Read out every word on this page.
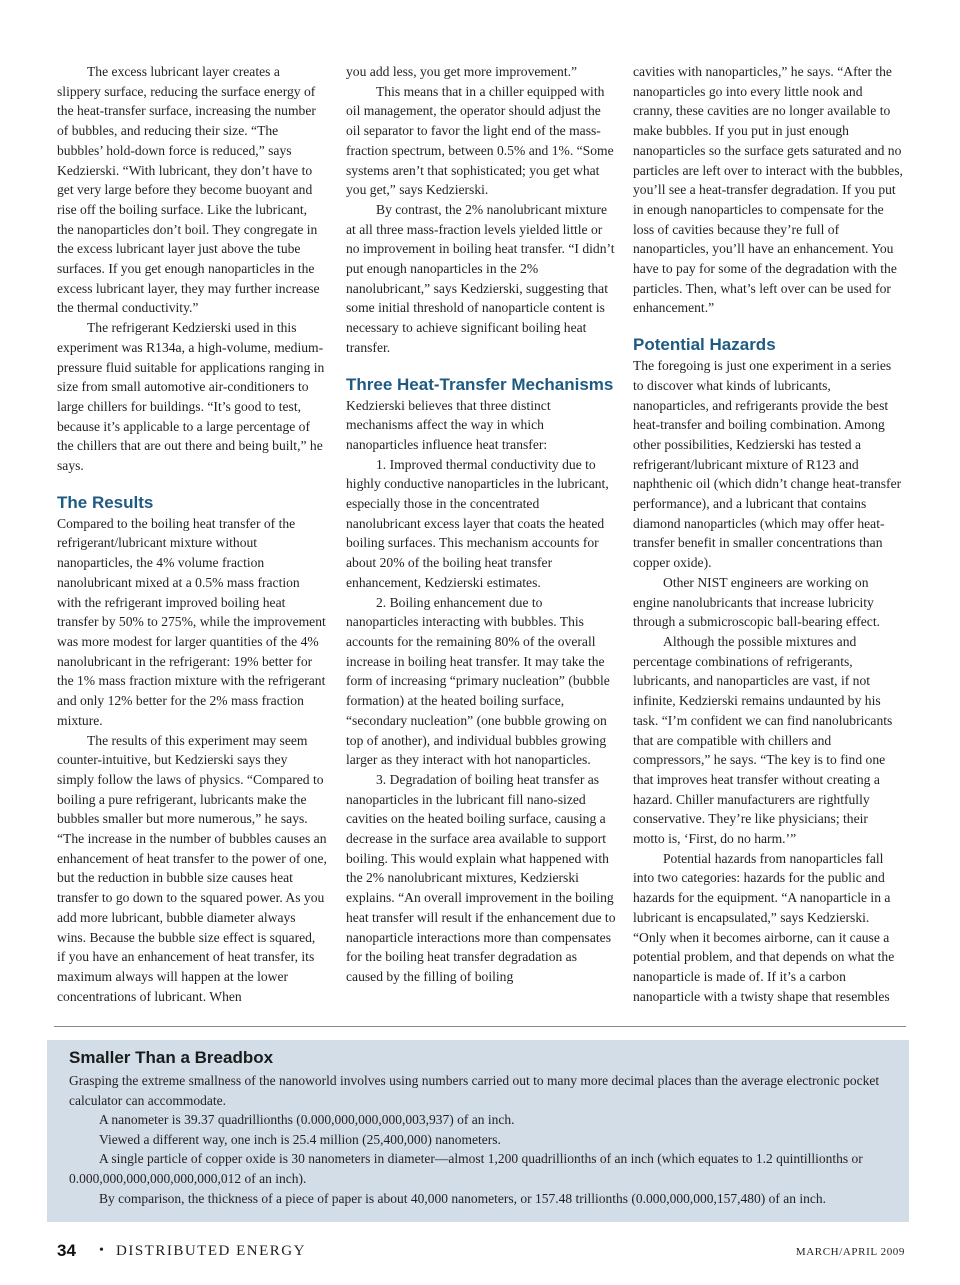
The excess lubricant layer creates a slippery surface, reducing the surface energy of the heat-transfer surface, increasing the number of bubbles, and reducing their size. “The bubbles’ hold-down force is reduced,” says Kedzierski. “With lubricant, they don’t have to get very large before they become buoyant and rise off the boiling surface. Like the lubricant, the nanoparticles don’t boil. They congregate in the excess lubricant layer just above the tube surfaces. If you get enough nanoparticles in the excess lubricant layer, they may further increase the thermal conductivity.”

The refrigerant Kedzierski used in this experiment was R134a, a high-volume, medium-pressure fluid suitable for applications ranging in size from small automotive air-conditioners to large chillers for buildings. “It’s good to test, because it’s applicable to a large percentage of the chillers that are out there and being built,” he says.

The Results

Compared to the boiling heat transfer of the refrigerant/lubricant mixture without nanoparticles, the 4% volume fraction nanolubricant mixed at a 0.5% mass fraction with the refrigerant improved boiling heat transfer by 50% to 275%, while the improvement was more modest for larger quantities of the 4% nanolubricant in the refrigerant: 19% better for the 1% mass fraction mixture with the refrigerant and only 12% better for the 2% mass fraction mixture.

The results of this experiment may seem counter-intuitive, but Kedzierski says they simply follow the laws of physics. “Compared to boiling a pure refrigerant, lubricants make the bubbles smaller but more numerous,” he says. “The increase in the number of bubbles causes an enhancement of heat transfer to the power of one, but the reduction in bubble size causes heat transfer to go down to the squared power. As you add more lubricant, bubble diameter always wins. Because the bubble size effect is squared, if you have an enhancement of heat transfer, its maximum always will happen at the lower concentrations of lubricant. When

you add less, you get more improvement.”

This means that in a chiller equipped with oil management, the operator should adjust the oil separator to favor the light end of the mass-fraction spectrum, between 0.5% and 1%. “Some systems aren’t that sophisticated; you get what you get,” says Kedzierski.

By contrast, the 2% nanolubricant mixture at all three mass-fraction levels yielded little or no improvement in boiling heat transfer. “I didn’t put enough nanoparticles in the 2% nanolubricant,” says Kedzierski, suggesting that some initial threshold of nanoparticle content is necessary to achieve significant boiling heat transfer.

Three Heat-Transfer Mechanisms

Kedzierski believes that three distinct mechanisms affect the way in which nanoparticles influence heat transfer:

1. Improved thermal conductivity due to highly conductive nanoparticles in the lubricant, especially those in the concentrated nanolubricant excess layer that coats the heated boiling surfaces. This mechanism accounts for about 20% of the boiling heat transfer enhancement, Kedzierski estimates.

2. Boiling enhancement due to nanoparticles interacting with bubbles. This accounts for the remaining 80% of the overall increase in boiling heat transfer. It may take the form of increasing “primary nucleation” (bubble formation) at the heated boiling surface, “secondary nucleation” (one bubble growing on top of another), and individual bubbles growing larger as they interact with hot nanoparticles.

3. Degradation of boiling heat transfer as nanoparticles in the lubricant fill nano-sized cavities on the heated boiling surface, causing a decrease in the surface area available to support boiling. This would explain what happened with the 2% nanolubricant mixtures, Kedzierski explains. “An overall improvement in the boiling heat transfer will result if the enhancement due to nanoparticle interactions more than compensates for the boiling heat transfer degradation as caused by the filling of boiling

cavities with nanoparticles,” he says. “After the nanoparticles go into every little nook and cranny, these cavities are no longer available to make bubbles. If you put in just enough nanoparticles so the surface gets saturated and no particles are left over to interact with the bubbles, you’ll see a heat-transfer degradation. If you put in enough nanoparticles to compensate for the loss of cavities because they’re full of nanoparticles, you’ll have an enhancement. You have to pay for some of the degradation with the particles. Then, what’s left over can be used for enhancement.”

Potential Hazards

The foregoing is just one experiment in a series to discover what kinds of lubricants, nanoparticles, and refrigerants provide the best heat-transfer and boiling combination. Among other possibilities, Kedzierski has tested a refrigerant/lubricant mixture of R123 and naphthenic oil (which didn’t change heat-transfer performance), and a lubricant that contains diamond nanoparticles (which may offer heat-transfer benefit in smaller concentrations than copper oxide).

Other NIST engineers are working on engine nanolubricants that increase lubricity through a submicroscopic ball-bearing effect.

Although the possible mixtures and percentage combinations of refrigerants, lubricants, and nanoparticles are vast, if not infinite, Kedzierski remains undaunted by his task. “I’m confident we can find nanolubricants that are compatible with chillers and compressors,” he says. “The key is to find one that improves heat transfer without creating a hazard. Chiller manufacturers are rightfully conservative. They’re like physicians; their motto is, ‘First, do no harm.’”

Potential hazards from nanoparticles fall into two categories: hazards for the public and hazards for the equipment. “A nanoparticle in a lubricant is encapsulated,” says Kedzierski. “Only when it becomes airborne, can it cause a potential problem, and that depends on what the nanoparticle is made of. If it’s a carbon nanoparticle with a twisty shape that resembles

Smaller Than a Breadbox

Grasping the extreme smallness of the nanoworld involves using numbers carried out to many more decimal places than the average electronic pocket calculator can accommodate.

A nanometer is 39.37 quadrillionths (0.000,000,000,000,003,937) of an inch.

Viewed a different way, one inch is 25.4 million (25,400,000) nanometers.

A single particle of copper oxide is 30 nanometers in diameter—almost 1,200 quadrillionths of an inch (which equates to 1.2 quintillionths or 0.000,000,000,000,000,000,012 of an inch).

By comparison, the thickness of a piece of paper is about 40,000 nanometers, or 157.48 trillionths (0.000,000,000,157,480) of an inch.

34 • DISTRIBUTED ENERGY	MARCH/APRIL 2009
